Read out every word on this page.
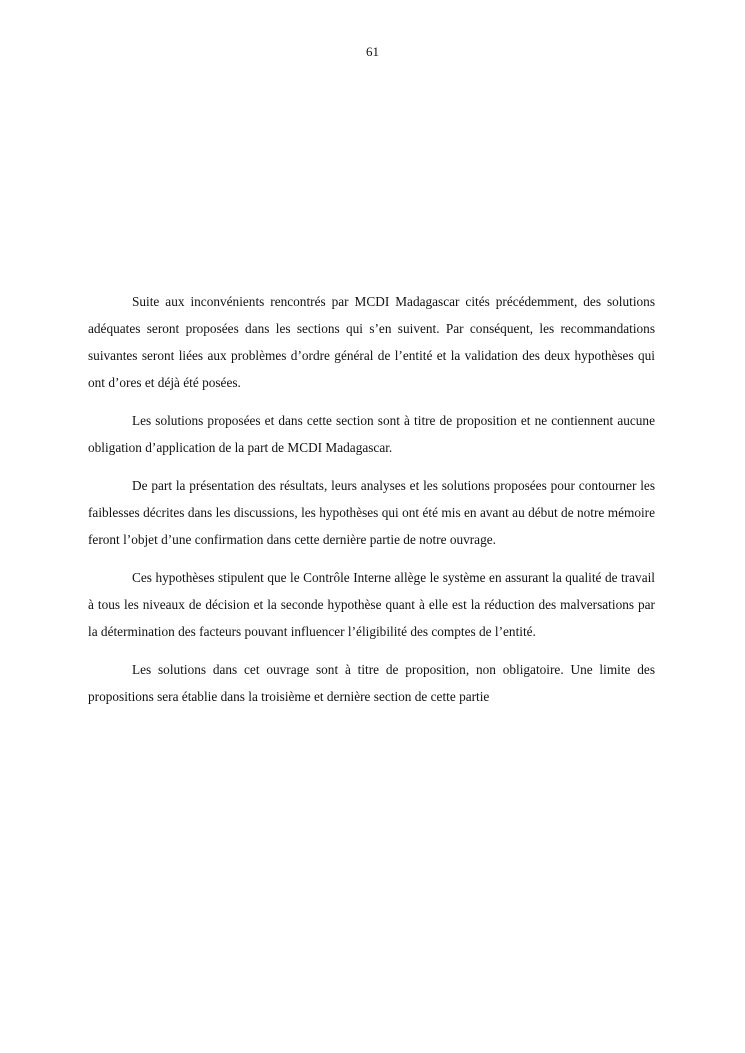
61

Suite aux inconvénients rencontrés par MCDI Madagascar cités précédemment, des solutions adéquates seront proposées dans les sections qui s’en suivent. Par conséquent, les recommandations suivantes seront liées aux problèmes d’ordre général de l’entité et la validation des deux hypothèses qui ont d’ores et déjà été posées.

Les solutions proposées et dans cette section sont à titre de proposition et ne contiennent aucune obligation d’application de la part de MCDI Madagascar.

De part la présentation des résultats, leurs analyses et les solutions proposées pour contourner les faiblesses décrites dans les discussions, les hypothèses qui ont été mis en avant au début de notre mémoire feront l’objet d’une confirmation dans cette dernière partie de notre ouvrage.

Ces hypothèses stipulent que le Contrôle Interne allège le système en assurant la qualité de travail à tous les niveaux de décision et la seconde hypothèse quant à elle est la réduction des malversations par la détermination des facteurs pouvant influencer l’éligibilité des comptes de l’entité.

Les solutions dans cet ouvrage sont à titre de proposition, non obligatoire. Une limite des propositions sera établie dans la troisième et dernière section de cette partie
